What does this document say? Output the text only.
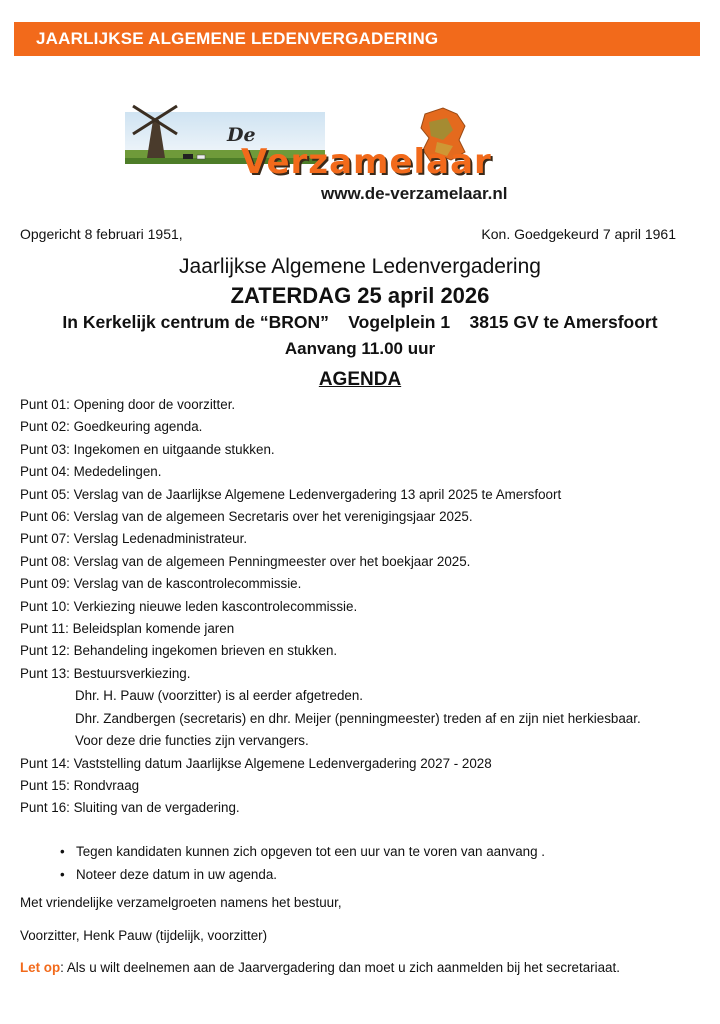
JAARLIJKSE ALGEMENE LEDENVERGADERING
De
Verzamelaar
www.de-verzamelaar.nl
Opgericht 8 februari 1951,	Kon. Goedgekeurd 7 april 1961
Jaarlijkse Algemene Ledenvergadering
ZATERDAG 25 april 2026
In Kerkelijk centrum de “BRON”    Vogelplein 1    3815 GV te Amersfoort
Aanvang 11.00 uur
AGENDA
Punt 01: Opening door de voorzitter.
Punt 02: Goedkeuring agenda.
Punt 03: Ingekomen en uitgaande stukken.
Punt 04: Mededelingen.
Punt 05: Verslag van de Jaarlijkse Algemene Ledenvergadering 13 april 2025 te Amersfoort
Punt 06: Verslag van de algemeen Secretaris over het verenigingsjaar 2025.
Punt 07: Verslag Ledenadministrateur.
Punt 08: Verslag van de algemeen Penningmeester over het boekjaar 2025.
Punt 09: Verslag van de kascontrolecommissie.
Punt 10: Verkiezing nieuwe leden kascontrolecommissie.
Punt 11: Beleidsplan komende jaren
Punt 12: Behandeling ingekomen brieven en stukken.
Punt 13: Bestuursverkiezing.
Dhr. H. Pauw (voorzitter) is al eerder afgetreden.
Dhr. Zandbergen (secretaris) en dhr. Meijer (penningmeester) treden af en zijn niet herkiesbaar.
Voor deze drie functies zijn vervangers.
Punt 14: Vaststelling datum Jaarlijkse Algemene Ledenvergadering 2027 - 2028
Punt 15: Rondvraag
Punt 16: Sluiting van de vergadering.
• Tegen kandidaten kunnen zich opgeven tot een uur van te voren van aanvang .
• Noteer deze datum in uw agenda.
Met vriendelijke verzamelgroeten namens het bestuur,
Voorzitter, Henk Pauw (tijdelijk, voorzitter)
Let op: Als u wilt deelnemen aan de Jaarvergadering dan moet u zich aanmelden bij het secretariaat.
